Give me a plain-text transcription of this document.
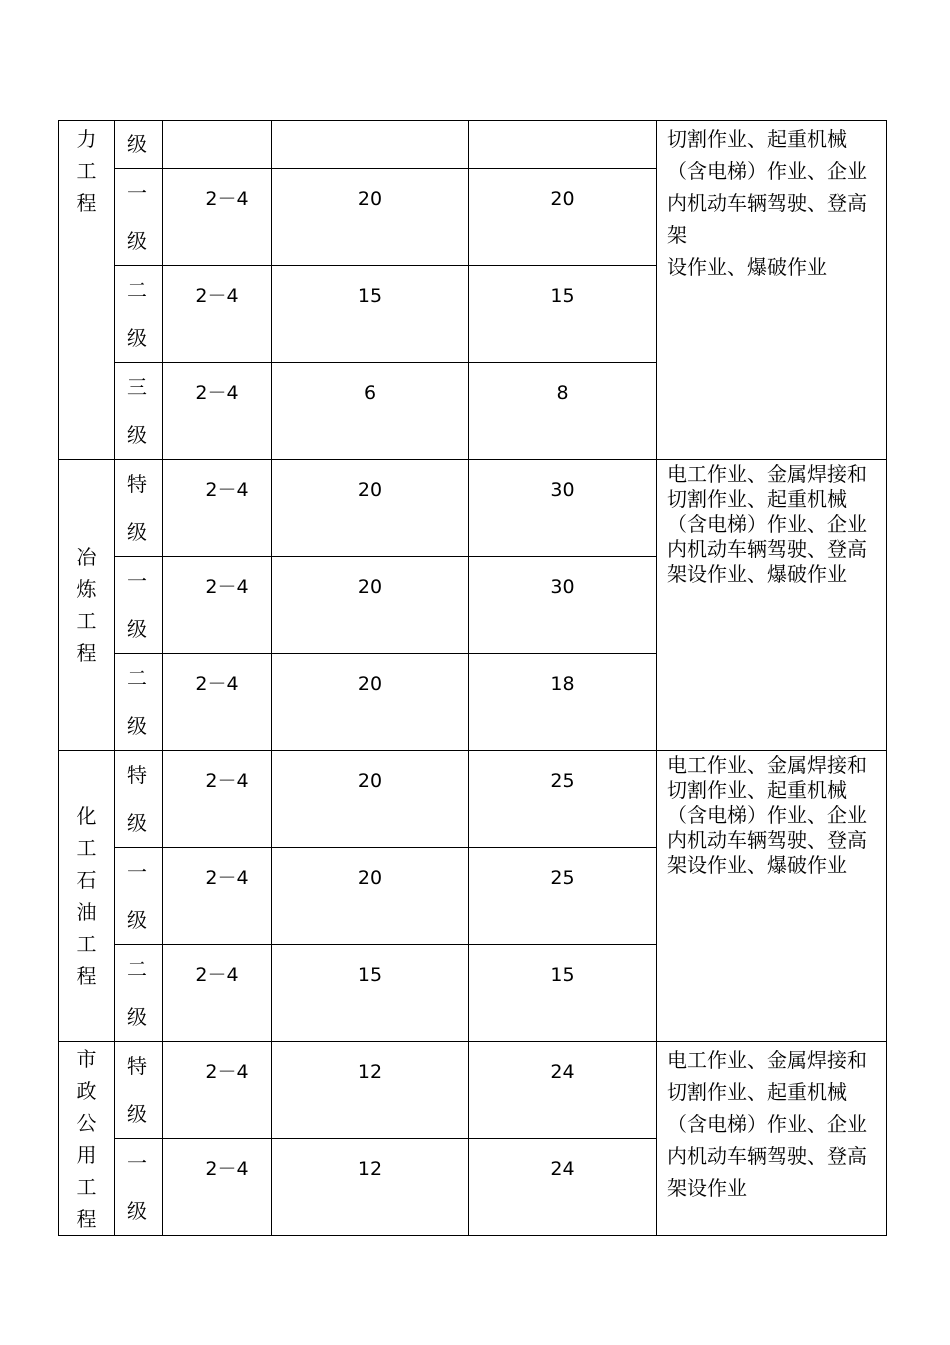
力工程	级				切割作业、起重机械
（含电梯）作业、企业
内机动车辆驾驶、登高
架
设作业、爆破作业

	一级	2－4	20	20	

	二级	2－4	15	15	

	三级	2－4	6	8	

冶炼工程	特级	2－4	20	30	电工作业、金属焊接和
切割作业、起重机械
（含电梯）作业、企业
内机动车辆驾驶、登高
架设作业、爆破作业

	一级	2－4	20	30	

	二级	2－4	20	18	

化工石油工程	特级	2－4	20	25	电工作业、金属焊接和
切割作业、起重机械
（含电梯）作业、企业
内机动车辆驾驶、登高
架设作业、爆破作业

	一级	2－4	20	25	

	二级	2－4	15	15	

市政公用工程	特级	2－4	12	24	电工作业、金属焊接和
切割作业、起重机械
（含电梯）作业、企业
内机动车辆驾驶、登高
架设作业

	一级	2－4	12	24	
